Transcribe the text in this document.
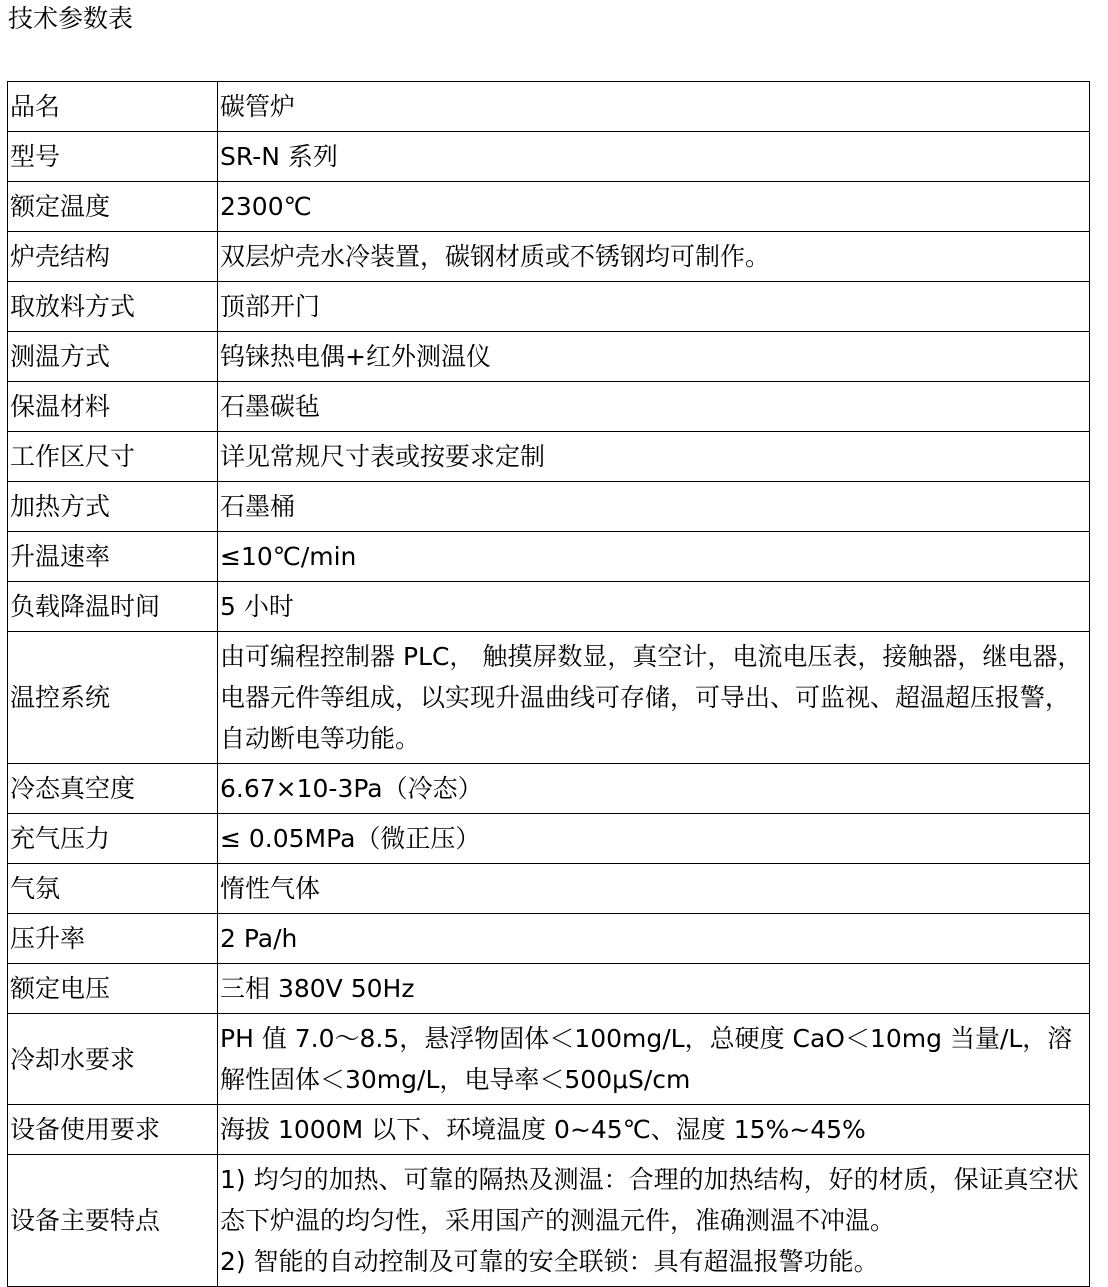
技术参数表
品名	碳管炉

型号	SR-N 系列

额定温度	2300℃

炉壳结构	双层炉壳水冷装置，碳钢材质或不锈钢均可制作。

取放料方式	顶部开门

测温方式	钨铼热电偶+红外测温仪

保温材料	石墨碳毡

工作区尺寸	详见常规尺寸表或按要求定制

加热方式	石墨桶

升温速率	≤10℃/min

负载降温时间	5 小时

温控系统	由可编程控制器 PLC， 触摸屏数显，真空计，电流电压表，接触器，继电器，电器元件等组成，以实现升温曲线可存储，可导出、可监视、超温超压报警，自动断电等功能。

冷态真空度	6.67×10-3Pa（冷态）

充气压力	≤ 0.05MPa（微正压）

气氛	惰性气体

压升率	2 Pa/h

额定电压	三相 380V 50Hz

冷却水要求	PH 值 7.0～8.5，悬浮物固体＜100mg/L，总硬度 CaO＜10mg 当量/L，溶解性固体＜30mg/L，电导率＜500μS/cm

设备使用要求	海拔 1000M 以下、环境温度 0~45℃、湿度 15%~45%

设备主要特点	1) 均匀的加热、可靠的隔热及测温：合理的加热结构，好的材质，保证真空状态下炉温的均匀性，采用国产的测温元件，准确测温不冲温。
2) 智能的自动控制及可靠的安全联锁：具有超温报警功能。
